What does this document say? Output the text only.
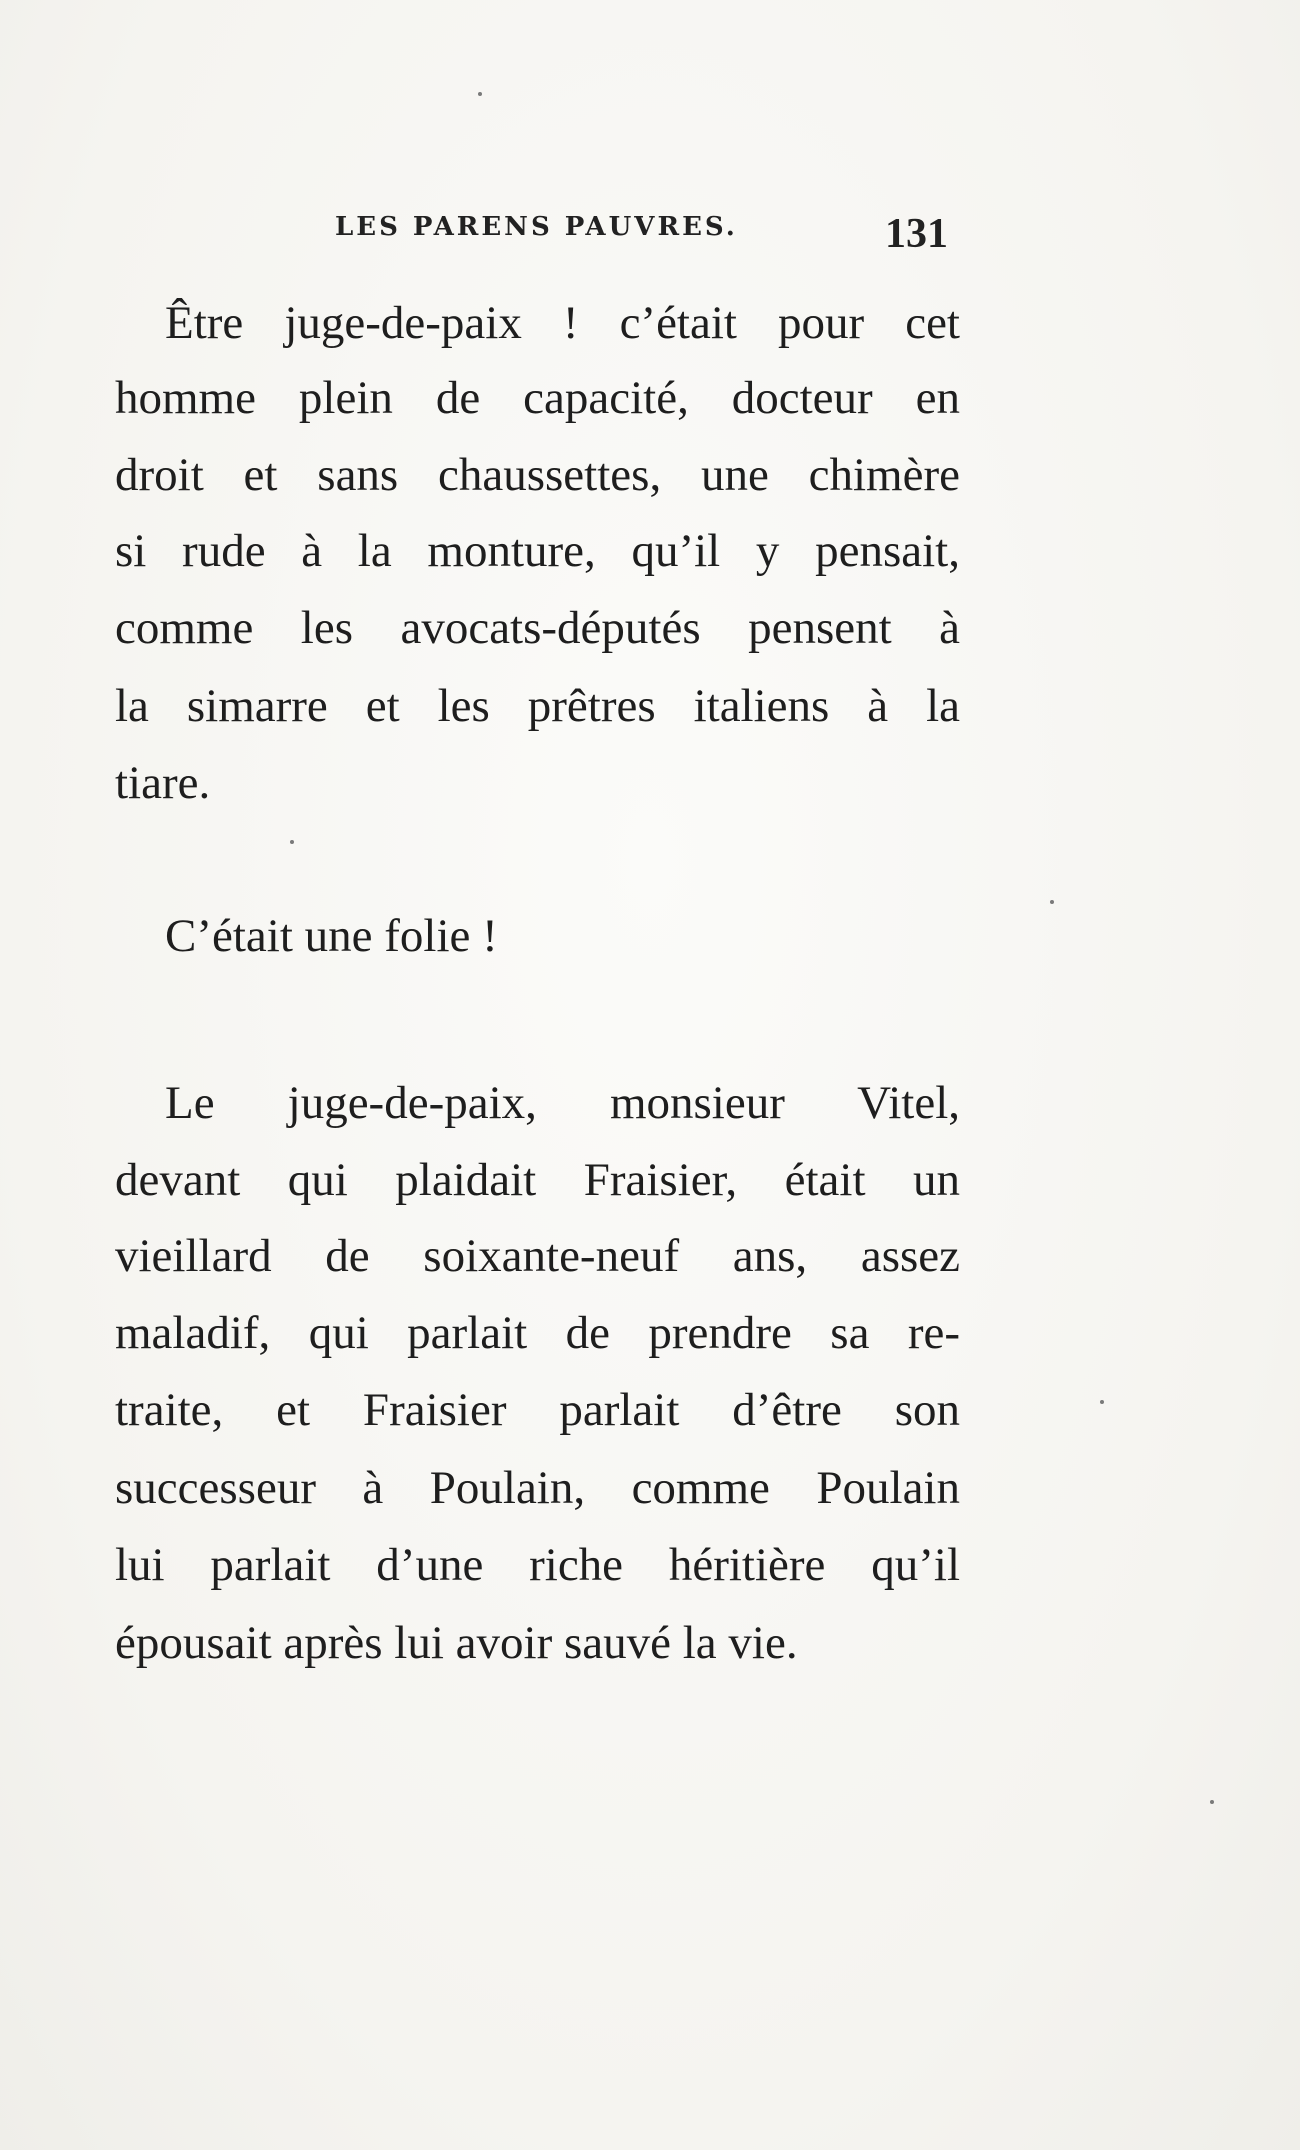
LES PARENS PAUVRES.	131
Être juge-de-paix ! c’était pour cet
homme plein de capacité, docteur en
droit et sans chaussettes, une chimère
si rude à la monture, qu’il y pensait,
comme les avocats-députés pensent à
la simarre et les prêtres italiens à la
tiare.
C’était une folie !
Le juge-de-paix, monsieur Vitel,
devant qui plaidait Fraisier, était un
vieillard de soixante-neuf ans, assez
maladif, qui parlait de prendre sa re-
traite, et Fraisier parlait d’être son
successeur à Poulain, comme Poulain
lui parlait d’une riche héritière qu’il
épousait après lui avoir sauvé la vie.
